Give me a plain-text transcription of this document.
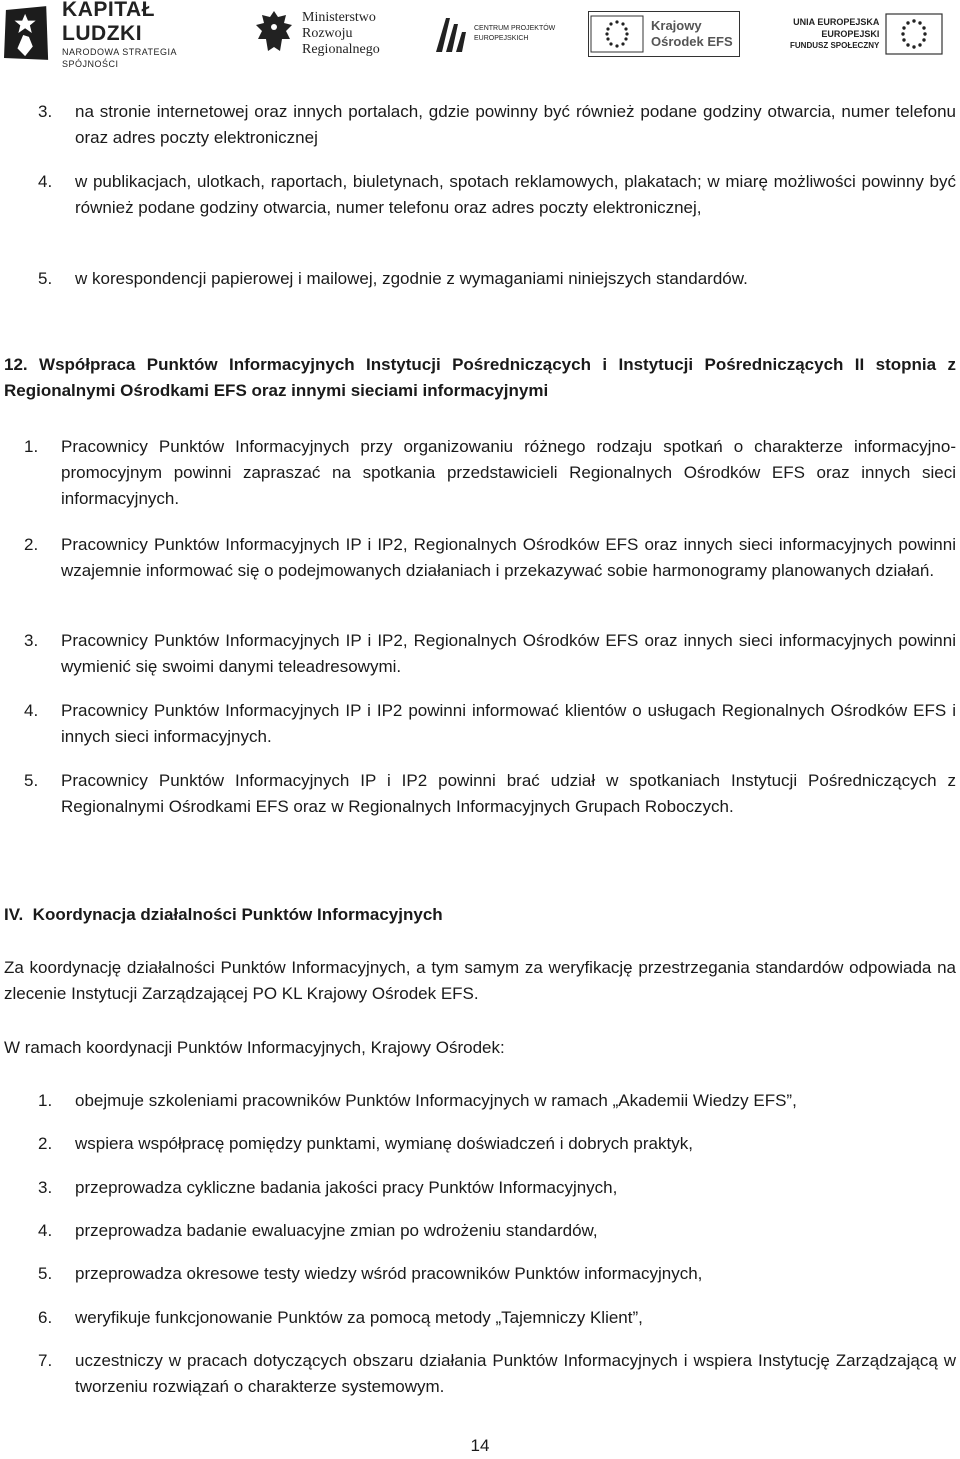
KAPITAŁ LUDZKI
NARODOWA STRATEGIA SPÓJNOŚCI
Ministerstwo
Rozwoju
Regionalnego
CENTRUM PROJEKTÓW
EUROPEJSKICH
Krajowy
Ośrodek EFS
UNIA EUROPEJSKA
EUROPEJSKI
FUNDUSZ SPOŁECZNY
3.	na stronie internetowej oraz innych portalach, gdzie powinny być również podane godziny otwarcia, numer telefonu oraz adres poczty elektronicznej
4.	w publikacjach, ulotkach, raportach, biuletynach, spotach reklamowych, plakatach; w miarę możliwości powinny być również podane godziny otwarcia, numer telefonu oraz adres poczty elektronicznej,
5.	w korespondencji papierowej i mailowej, zgodnie z wymaganiami niniejszych standardów.
12. Współpraca Punktów Informacyjnych Instytucji Pośredniczących i Instytucji Pośredniczących II stopnia z Regionalnymi Ośrodkami EFS oraz innymi sieciami informacyjnymi
1.	Pracownicy Punktów Informacyjnych przy organizowaniu różnego rodzaju spotkań o charakterze informacyjno-promocyjnym powinni zapraszać na spotkania przedstawicieli Regionalnych Ośrodków EFS oraz innych sieci informacyjnych.
2.	Pracownicy Punktów Informacyjnych IP i IP2, Regionalnych Ośrodków EFS oraz innych sieci informacyjnych powinni wzajemnie informować się o podejmowanych działaniach i przekazywać sobie harmonogramy planowanych działań.
3.	Pracownicy Punktów Informacyjnych IP i IP2, Regionalnych Ośrodków EFS oraz innych sieci informacyjnych powinni wymienić się swoimi danymi teleadresowymi.
4.	Pracownicy Punktów Informacyjnych IP i IP2 powinni informować klientów o usługach Regionalnych Ośrodków EFS i innych sieci informacyjnych.
5.	Pracownicy Punktów Informacyjnych IP i IP2 powinni brać udział w spotkaniach Instytucji Pośredniczących z Regionalnymi Ośrodkami EFS oraz w Regionalnych Informacyjnych Grupach Roboczych.
IV.  Koordynacja działalności Punktów Informacyjnych
Za koordynację działalności Punktów Informacyjnych, a tym samym za weryfikację przestrzegania standardów odpowiada na zlecenie Instytucji Zarządzającej PO KL Krajowy Ośrodek EFS.
W ramach koordynacji Punktów Informacyjnych, Krajowy Ośrodek:
1.	obejmuje szkoleniami pracowników Punktów Informacyjnych w ramach „Akademii Wiedzy EFS”,
2.	wspiera współpracę pomiędzy punktami, wymianę doświadczeń i dobrych praktyk,
3.	przeprowadza cykliczne badania jakości pracy Punktów Informacyjnych,
4.	przeprowadza badanie ewaluacyjne zmian po wdrożeniu standardów,
5.	przeprowadza okresowe testy wiedzy wśród pracowników Punktów informacyjnych,
6.	weryfikuje funkcjonowanie Punktów za pomocą metody „Tajemniczy Klient”,
7.	uczestniczy w pracach dotyczących obszaru działania Punktów Informacyjnych i wspiera Instytucję Zarządzającą w tworzeniu rozwiązań o charakterze systemowym.
14
